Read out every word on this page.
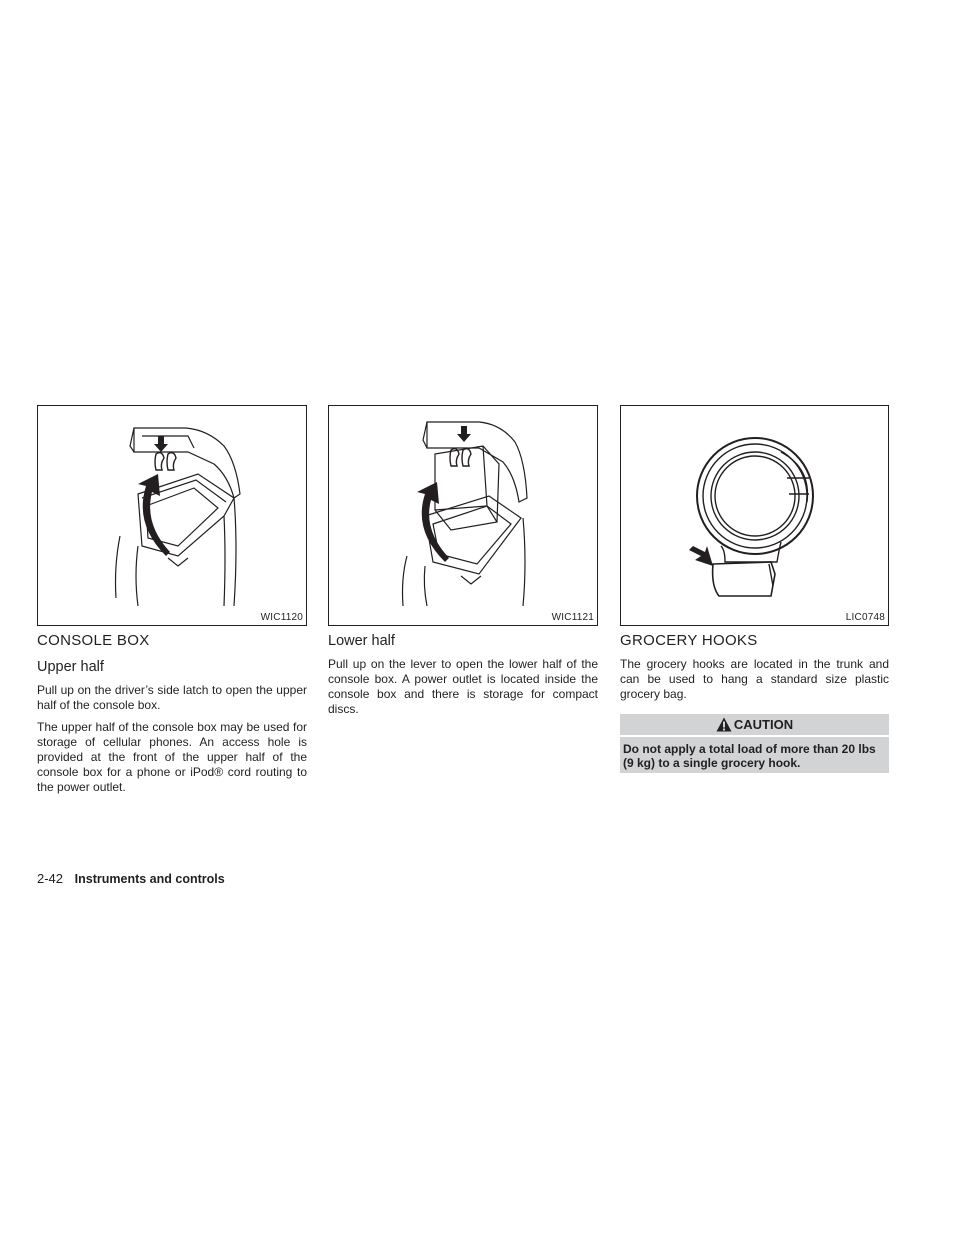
WIC1120
CONSOLE BOX
Upper half

Pull up on the driver’s side latch to open the upper half of the console box.

The upper half of the console box may be used for storage of cellular phones. An access hole is provided at the front of the upper half of the console box for a phone or iPod® cord routing to the power outlet.

WIC1121
Lower half

Pull up on the lever to open the lower half of the console box. A power outlet is located inside the console box and there is storage for compact discs.

LIC0748
GROCERY HOOKS

The grocery hooks are located in the trunk and can be used to hang a standard size plastic grocery bag.

CAUTION
Do not apply a total load of more than 20 lbs (9 kg) to a single grocery hook.
2-42 Instruments and controls
